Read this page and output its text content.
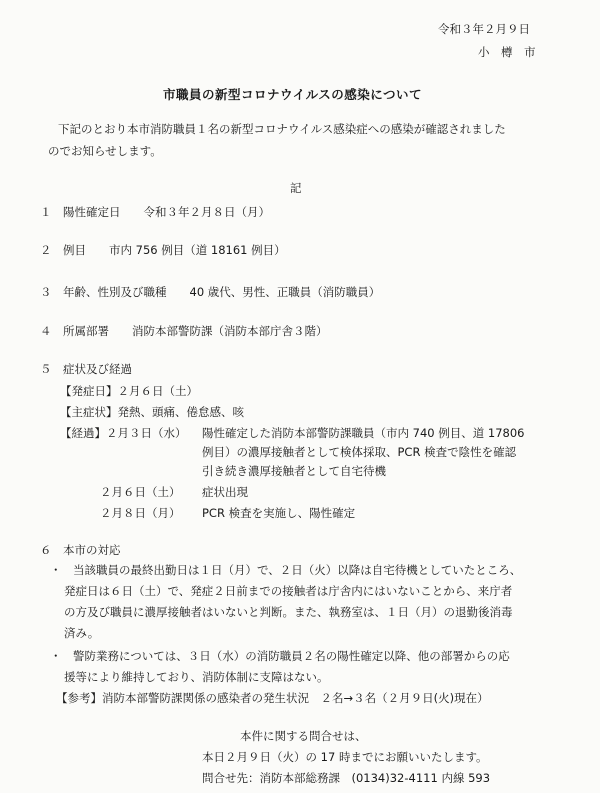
令和３年２月９日
小　樽　市
市職員の新型コロナウイルスの感染について
下記のとおり本市消防職員１名の新型コロナウイルス感染症への感染が確認されました
のでお知らせします。
記
１　陽性確定日　　令和３年２月８日（月）
２　例目　　市内 756 例目（道 18161 例目）
３　年齢、性別及び職種　　40 歳代、男性、正職員（消防職員）
４　所属部署　　消防本部警防課（消防本部庁舎３階）
５　症状及び経過
【発症日】２月６日（土）
【主症状】発熱、頭痛、倦怠感、咳
【経過】２月３日（水） 陽性確定した消防本部警防課職員（市内 740 例目、道 17806
例目）の濃厚接触者として検体採取、PCR 検査で陰性を確認
引き続き濃厚接触者として自宅待機
２月６日（土） 症状出現
２月８日（月） PCR 検査を実施し、陽性確定
６　本市の対応
・　当該職員の最終出勤日は１日（月）で、２日（火）以降は自宅待機としていたところ、
発症日は６日（土）で、発症２日前までの接触者は庁舎内にはいないことから、来庁者
の方及び職員に濃厚接触者はいないと判断。また、執務室は、１日（月）の退勤後消毒
済み。
・　警防業務については、３日（水）の消防職員２名の陽性確定以降、他の部署からの応
援等により維持しており、消防体制に支障はない。
【参考】消防本部警防課関係の感染者の発生状況　２名→３名（２月９日(火)現在）
本件に関する問合せは、
本日２月９日（火）の 17 時までにお願いいたします。
問合せ先：消防本部総務課　(0134)32-4111 内線 593
